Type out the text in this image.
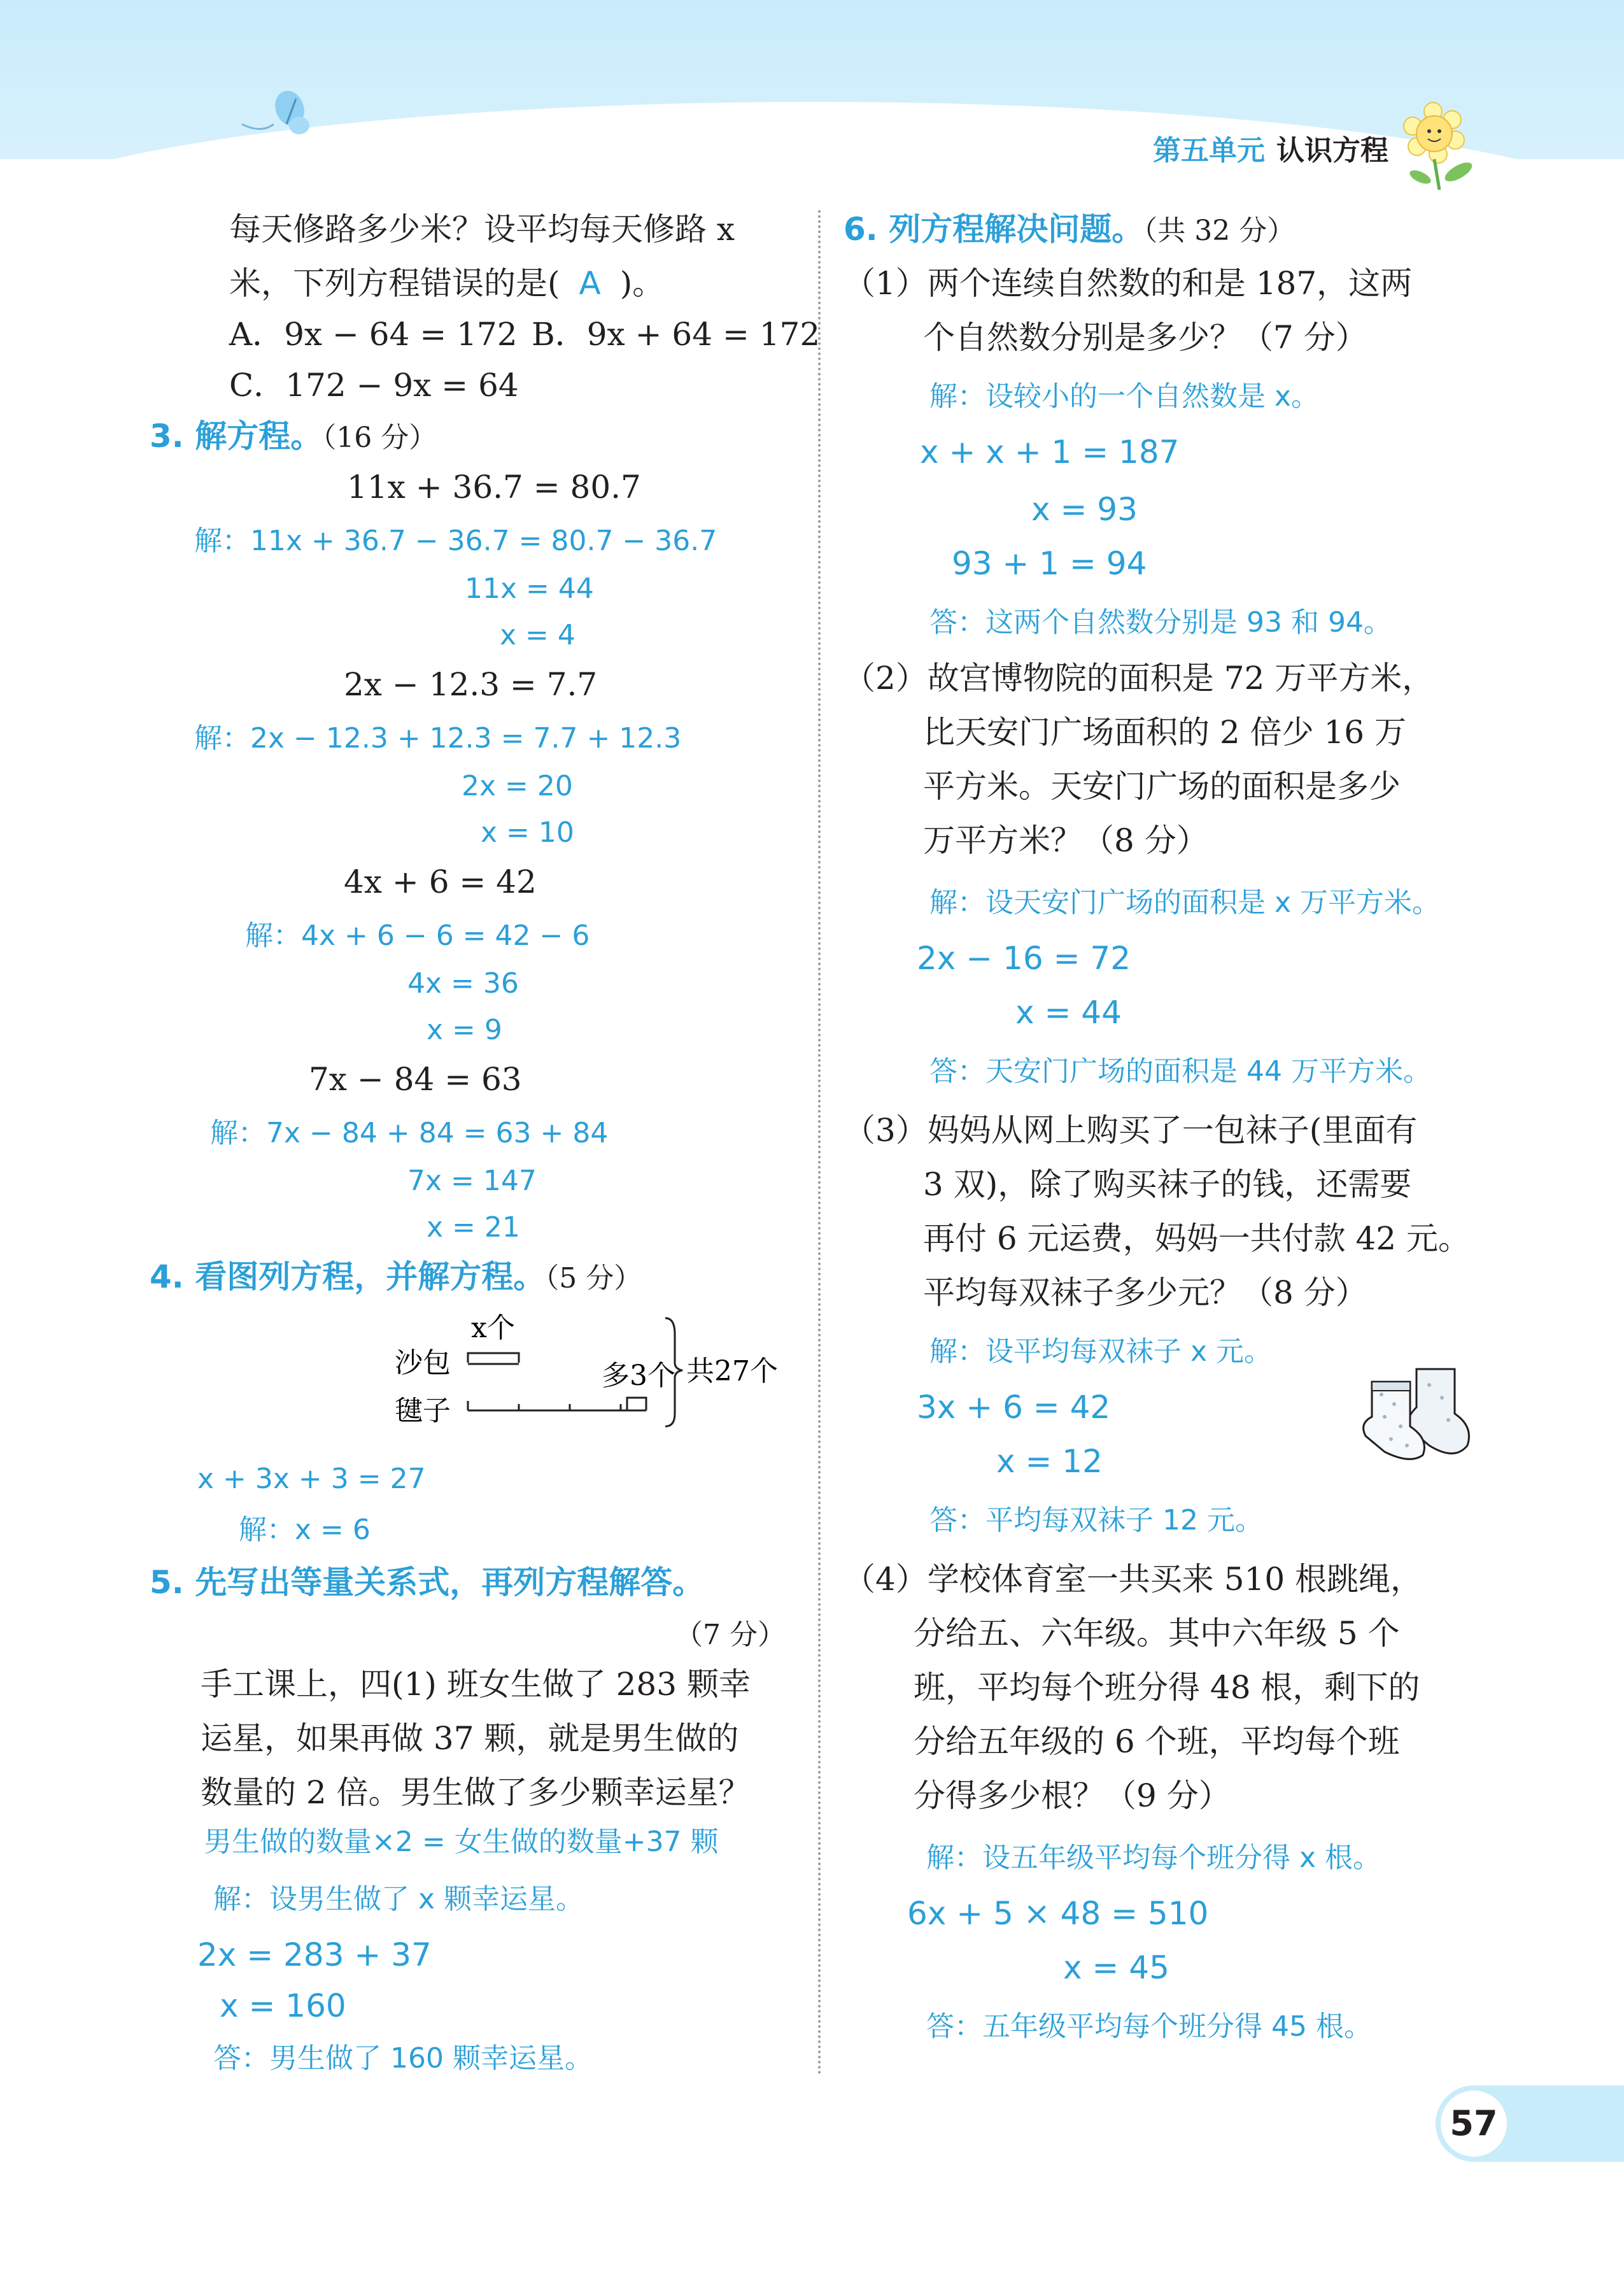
第五单元 认识方程
每天修路多少米？设平均每天修路 x
米，下列方程错误的是( A )。
A．9x − 64 = 172 B．9x + 64 = 172
C．172 − 9x = 64
3. 解方程。（16 分）
11x + 36.7 = 80.7
解：11x + 36.7 − 36.7 = 80.7 − 36.7
11x = 44
x = 4
2x − 12.3 = 7.7
解：2x − 12.3 + 12.3 = 7.7 + 12.3
2x = 20
x = 10
4x + 6 = 42
解：4x + 6 − 6 = 42 − 6
4x = 36
x = 9
7x − 84 = 63
解：7x − 84 + 84 = 63 + 84
7x = 147
x = 21
4. 看图列方程，并解方程。（5 分）
x个
沙包
毽子
多3个 共27个
x + 3x + 3 = 27
解：x = 6
5. 先写出等量关系式，再列方程解答。
（7 分）
手工课上，四(1) 班女生做了 283 颗幸
运星，如果再做 37 颗，就是男生做的
数量的 2 倍。男生做了多少颗幸运星？
男生做的数量×2 = 女生做的数量+37 颗
解：设男生做了 x 颗幸运星。
2x = 283 + 37
x = 160
答：男生做了 160 颗幸运星。
6. 列方程解决问题。（共 32 分）
（1）两个连续自然数的和是 187，这两
个自然数分别是多少？（7 分）
解：设较小的一个自然数是 x。
x + x + 1 = 187
x = 93
93 + 1 = 94
答：这两个自然数分别是 93 和 94。
（2）故宫博物院的面积是 72 万平方米，
比天安门广场面积的 2 倍少 16 万
平方米。天安门广场的面积是多少
万平方米？（8 分）
解：设天安门广场的面积是 x 万平方米。
2x − 16 = 72
x = 44
答：天安门广场的面积是 44 万平方米。
（3）妈妈从网上购买了一包袜子(里面有
3 双)，除了购买袜子的钱，还需要
再付 6 元运费，妈妈一共付款 42 元。
平均每双袜子多少元？（8 分）
解：设平均每双袜子 x 元。
3x + 6 = 42
x = 12
答：平均每双袜子 12 元。
（4）学校体育室一共买来 510 根跳绳，
分给五、六年级。其中六年级 5 个
班，平均每个班分得 48 根，剩下的
分给五年级的 6 个班，平均每个班
分得多少根？（9 分）
解：设五年级平均每个班分得 x 根。
6x + 5 × 48 = 510
x = 45
答：五年级平均每个班分得 45 根。
57
